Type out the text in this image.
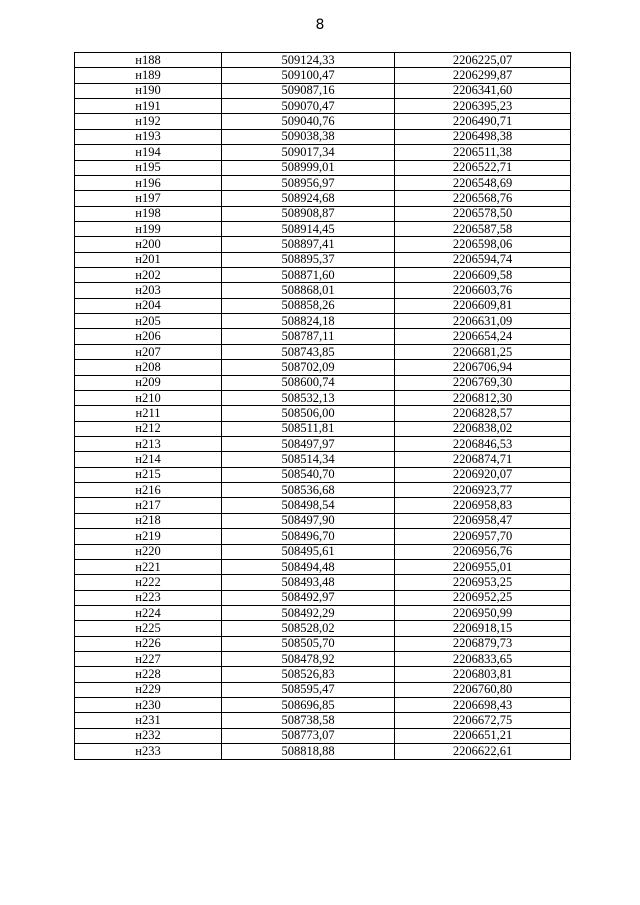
8
н188	509124,33	2206225,07
н189	509100,47	2206299,87
н190	509087,16	2206341,60
н191	509070,47	2206395,23
н192	509040,76	2206490,71
н193	509038,38	2206498,38
н194	509017,34	2206511,38
н195	508999,01	2206522,71
н196	508956,97	2206548,69
н197	508924,68	2206568,76
н198	508908,87	2206578,50
н199	508914,45	2206587,58
н200	508897,41	2206598,06
н201	508895,37	2206594,74
н202	508871,60	2206609,58
н203	508868,01	2206603,76
н204	508858,26	2206609,81
н205	508824,18	2206631,09
н206	508787,11	2206654,24
н207	508743,85	2206681,25
н208	508702,09	2206706,94
н209	508600,74	2206769,30
н210	508532,13	2206812,30
н211	508506,00	2206828,57
н212	508511,81	2206838,02
н213	508497,97	2206846,53
н214	508514,34	2206874,71
н215	508540,70	2206920,07
н216	508536,68	2206923,77
н217	508498,54	2206958,83
н218	508497,90	2206958,47
н219	508496,70	2206957,70
н220	508495,61	2206956,76
н221	508494,48	2206955,01
н222	508493,48	2206953,25
н223	508492,97	2206952,25
н224	508492,29	2206950,99
н225	508528,02	2206918,15
н226	508505,70	2206879,73
н227	508478,92	2206833,65
н228	508526,83	2206803,81
н229	508595,47	2206760,80
н230	508696,85	2206698,43
н231	508738,58	2206672,75
н232	508773,07	2206651,21
н233	508818,88	2206622,61
